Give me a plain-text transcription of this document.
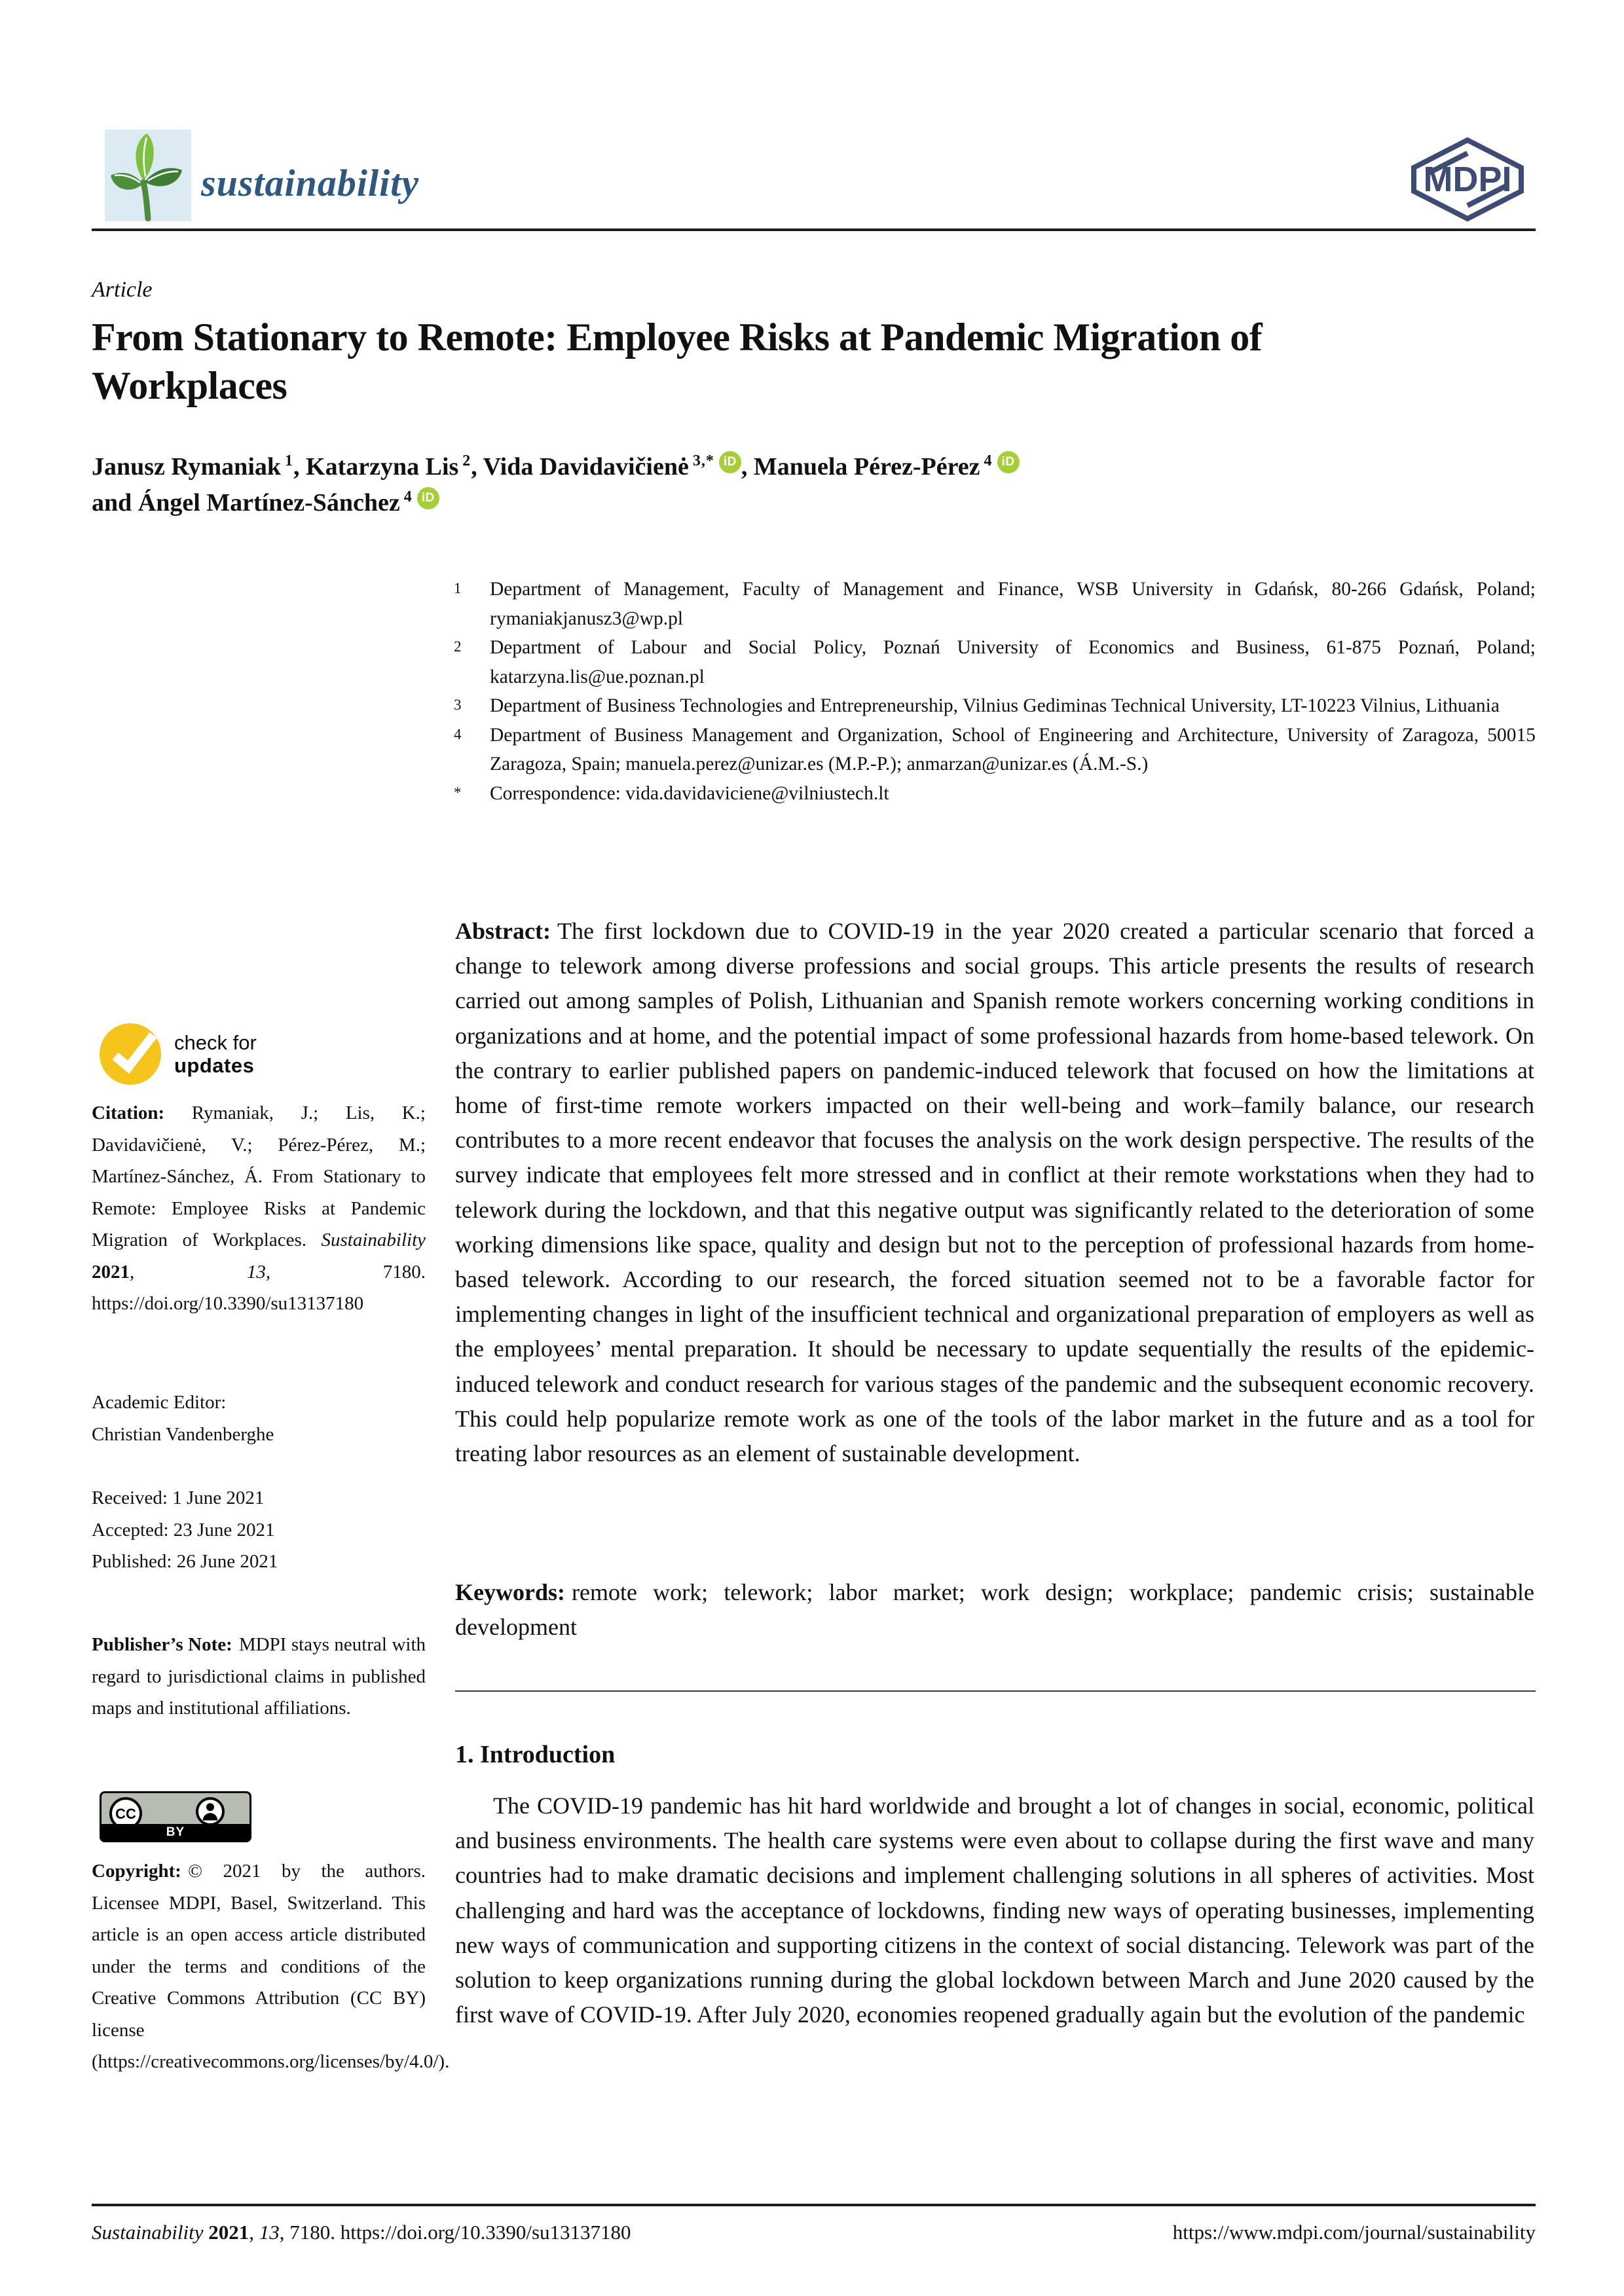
sustainability	MDPI
Article
From Stationary to Remote: Employee Risks at Pandemic Migration of Workplaces
Janusz Rymaniak $^1$, Katarzyna Lis $^2$, Vida Davidavičienė $^{3,*}$ iD , Manuela Pérez-Pérez $^4$ iD
and Ángel Martínez-Sánchez $^4$ iD
1	Department of Management, Faculty of Management and Finance, WSB University in Gdańsk, 80-266 Gdańsk, Poland; rymaniakjanusz3@wp.pl
2	Department of Labour and Social Policy, Poznań University of Economics and Business, 61-875 Poznań, Poland; katarzyna.lis@ue.poznan.pl
3	Department of Business Technologies and Entrepreneurship, Vilnius Gediminas Technical University, LT-10223 Vilnius, Lithuania
4	Department of Business Management and Organization, School of Engineering and Architecture, University of Zaragoza, 50015 Zaragoza, Spain; manuela.perez@unizar.es (M.P.-P.); anmarzan@unizar.es (Á.M.-S.)
*	Correspondence: vida.davidaviciene@vilniustech.lt

Abstract: The first lockdown due to COVID-19 in the year 2020 created a particular scenario that forced a change to telework among diverse professions and social groups. This article presents the results of research carried out among samples of Polish, Lithuanian and Spanish remote workers concerning working conditions in organizations and at home, and the potential impact of some professional hazards from home-based telework. On the contrary to earlier published papers on pandemic-induced telework that focused on how the limitations at home of first-time remote workers impacted on their well-being and work–family balance, our research contributes to a more recent endeavor that focuses the analysis on the work design perspective. The results of the survey indicate that employees felt more stressed and in conflict at their remote workstations when they had to telework during the lockdown, and that this negative output was significantly related to the deterioration of some working dimensions like space, quality and design but not to the perception of professional hazards from home-based telework. According to our research, the forced situation seemed not to be a favorable factor for implementing changes in light of the insufficient technical and organizational preparation of employers as well as the employees’ mental preparation. It should be necessary to update sequentially the results of the epidemic-induced telework and conduct research for various stages of the pandemic and the subsequent economic recovery. This could help popularize remote work as one of the tools of the labor market in the future and as a tool for treating labor resources as an element of sustainable development.

Keywords: remote work; telework; labor market; work design; workplace; pandemic crisis; sustainable development

1. Introduction

The COVID-19 pandemic has hit hard worldwide and brought a lot of changes in social, economic, political and business environments. The health care systems were even about to collapse during the first wave and many countries had to make dramatic decisions and implement challenging solutions in all spheres of activities. Most challenging and hard was the acceptance of lockdowns, finding new ways of operating businesses, implementing new ways of communication and supporting citizens in the context of social distancing. Telework was part of the solution to keep organizations running during the global lockdown between March and June 2020 caused by the first wave of COVID-19. After July 2020, economies reopened gradually again but the evolution of the pandemic

check for
updates

Citation: Rymaniak, J.; Lis, K.; Davidavičienė, V.; Pérez-Pérez, M.; Martínez-Sánchez, Á. From Stationary to Remote: Employee Risks at Pandemic Migration of Workplaces. Sustainability 2021, 13, 7180. https://doi.org/10.3390/su13137180

Academic Editor:
Christian Vandenberghe
Received: 1 June 2021
Accepted: 23 June 2021
Published: 26 June 2021

Publisher’s Note: MDPI stays neutral with regard to jurisdictional claims in published maps and institutional affiliations.

CC
BY

Copyright: © 2021 by the authors. Licensee MDPI, Basel, Switzerland. This article is an open access article distributed under the terms and conditions of the Creative Commons Attribution (CC BY) license (https://creativecommons.org/licenses/by/4.0/).

Sustainability 2021, 13, 7180. https://doi.org/10.3390/su13137180	https://www.mdpi.com/journal/sustainability
